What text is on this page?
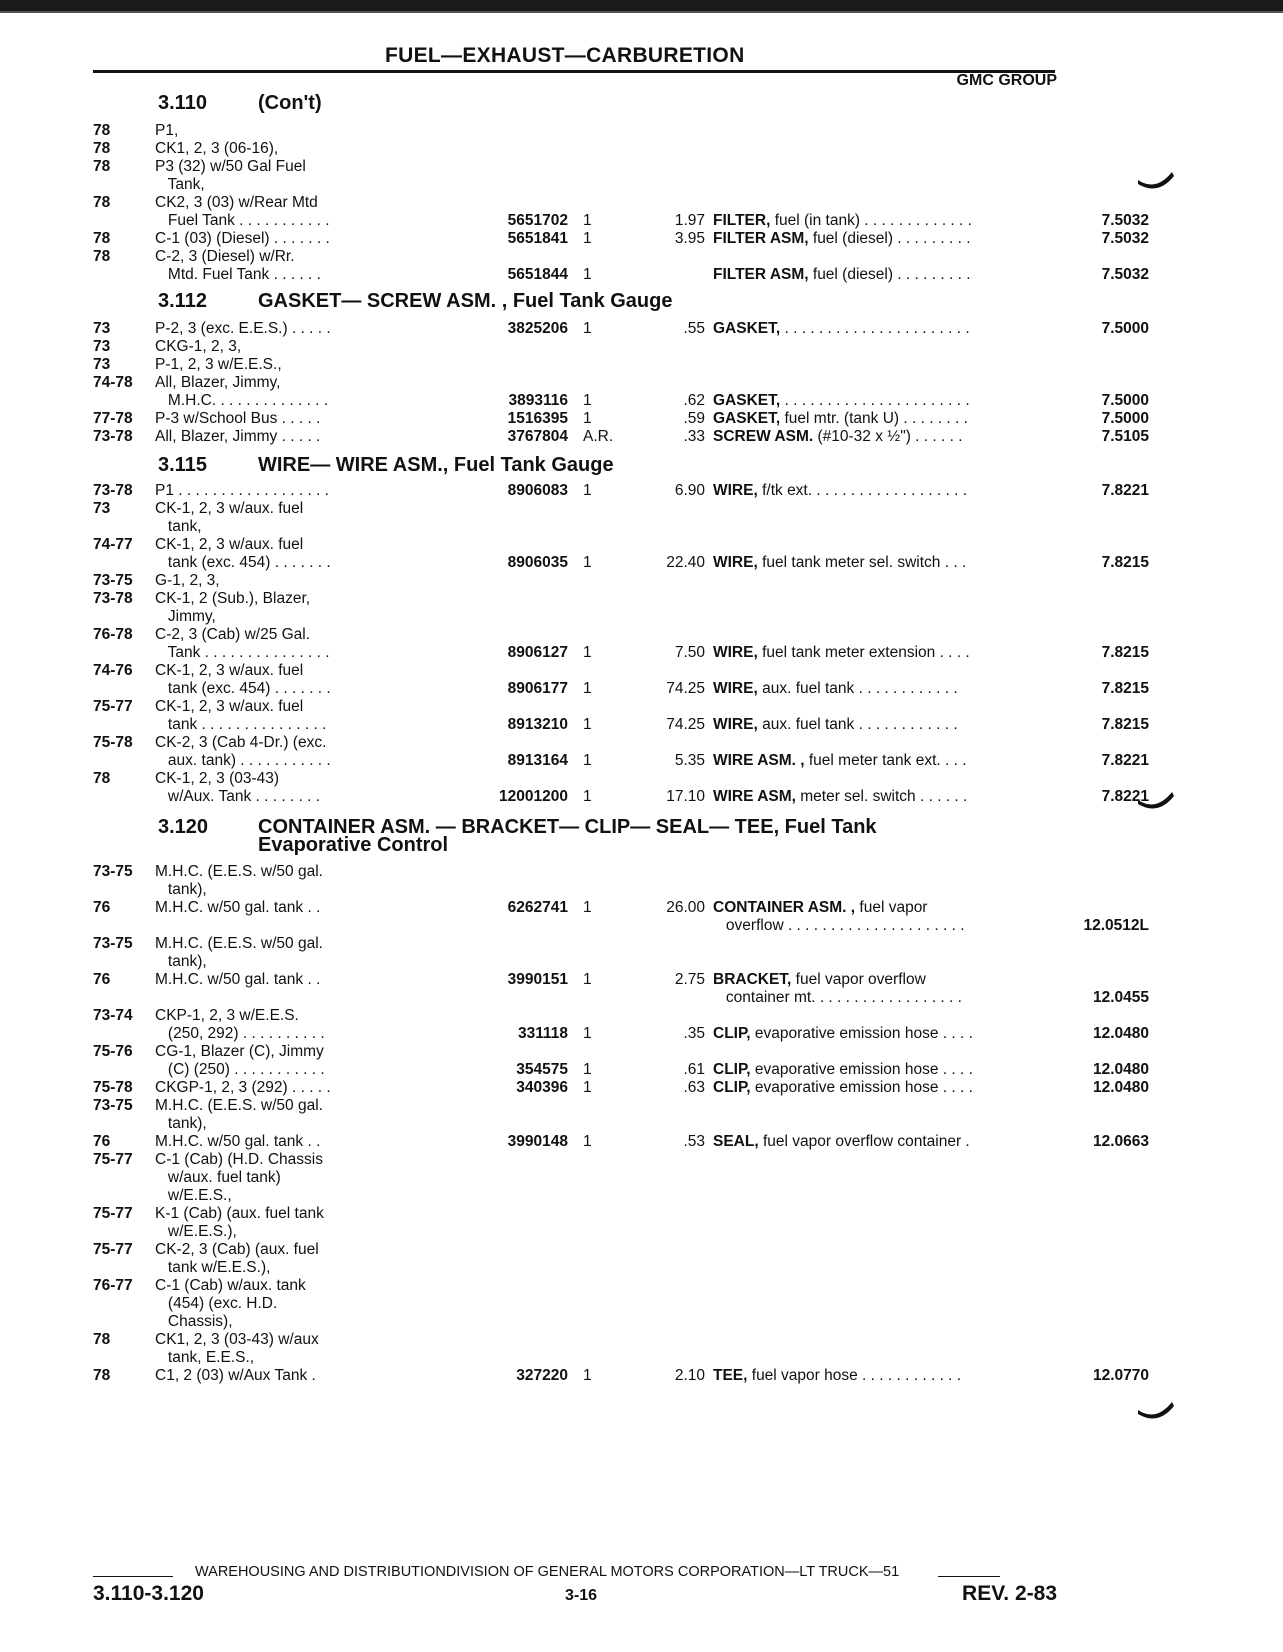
FUEL—EXHAUST—CARBURETION
GMC GROUP
3.110	(Con't)
3.112	GASKET— SCREW ASM. , Fuel Tank Gauge
3.115	WIRE— WIRE ASM., Fuel Tank Gauge
3.120 CONTAINER ASM. — BRACKET— CLIP— SEAL— TEE, Fuel Tank
Evaporative Control
78	P1,
78	CK1, 2, 3 (06-16),
78	P3 (32) w/50 Gal Fuel
Tank,
78	CK2, 3 (03) w/Rear Mtd
Fuel Tank . . . . . . . . . . .	5651702 1	1.97 FILTER, fuel (in tank) . . . . . . . . . . . . .	7.5032
78	C-1 (03) (Diesel) . . . . . . .	5651841 1	3.95 FILTER ASM, fuel (diesel) . . . . . . . . .	7.5032
78	C-2, 3 (Diesel) w/Rr.
Mtd. Fuel Tank . . . . . .	5651844 1	FILTER ASM, fuel (diesel) . . . . . . . . .	7.5032
73	P-2, 3 (exc. E.E.S.) . . . . .	3825206 1	.55 GASKET, . . . . . . . . . . . . . . . . . . . . . .	7.5000
73	CKG-1, 2, 3,
73	P-1, 2, 3 w/E.E.S.,
74-78	All, Blazer, Jimmy,
M.H.C. . . . . . . . . . . . . .	3893116 1	.62 GASKET, . . . . . . . . . . . . . . . . . . . . . .	7.5000
77-78	P-3 w/School Bus . . . . .	1516395 1	.59 GASKET, fuel mtr. (tank U) . . . . . . . .	7.5000
73-78	All, Blazer, Jimmy . . . . .	3767804 A.R.	.33 SCREW ASM. (#10-32 x ½") . . . . . .	7.5105
73-78	P1 . . . . . . . . . . . . . . . . . .	8906083 1	6.90 WIRE, f/tk ext. . . . . . . . . . . . . . . . . . .	7.8221
73	CK-1, 2, 3 w/aux. fuel
tank,
74-77	CK-1, 2, 3 w/aux. fuel
tank (exc. 454) . . . . . . .	8906035 1	22.40 WIRE, fuel tank meter sel. switch . . .	7.8215
73-75	G-1, 2, 3,
73-78	CK-1, 2 (Sub.), Blazer,
Jimmy,
76-78	C-2, 3 (Cab) w/25 Gal.
Tank . . . . . . . . . . . . . . .	8906127 1	7.50 WIRE, fuel tank meter extension . . . .	7.8215
74-76	CK-1, 2, 3 w/aux. fuel
tank (exc. 454) . . . . . . .	8906177 1	74.25 WIRE, aux. fuel tank . . . . . . . . . . . .	7.8215
75-77	CK-1, 2, 3 w/aux. fuel
tank . . . . . . . . . . . . . . .	8913210 1	74.25 WIRE, aux. fuel tank . . . . . . . . . . . .	7.8215
75-78	CK-2, 3 (Cab 4-Dr.) (exc.
aux. tank) . . . . . . . . . . .	8913164 1	5.35 WIRE ASM. , fuel meter tank ext. . . .	7.8221
78	CK-1, 2, 3 (03-43)
w/Aux. Tank . . . . . . . .	12001200 1	17.10 WIRE ASM, meter sel. switch . . . . . .	7.8221
73-75	M.H.C. (E.E.S. w/50 gal.
tank),
76	M.H.C. w/50 gal. tank . .	6262741 1	26.00 CONTAINER ASM. , fuel vapor
overflow . . . . . . . . . . . . . . . . . . . . .	12.0512L
73-75	M.H.C. (E.E.S. w/50 gal.
tank),
76	M.H.C. w/50 gal. tank . .	3990151 1	2.75 BRACKET, fuel vapor overflow
container mt. . . . . . . . . . . . . . . . . .	12.0455
73-74	CKP-1, 2, 3 w/E.E.S.
(250, 292) . . . . . . . . . .	331118 1	.35 CLIP, evaporative emission hose . . . .	12.0480
75-76	CG-1, Blazer (C), Jimmy
(C) (250) . . . . . . . . . . .	354575 1	.61 CLIP, evaporative emission hose . . . .	12.0480
75-78	CKGP-1, 2, 3 (292) . . . . .	340396 1	.63 CLIP, evaporative emission hose . . . .	12.0480
73-75	M.H.C. (E.E.S. w/50 gal.
tank),
76	M.H.C. w/50 gal. tank . .	3990148 1	.53 SEAL, fuel vapor overflow container .	12.0663
75-77	C-1 (Cab) (H.D. Chassis
w/aux. fuel tank)
w/E.E.S.,
75-77	K-1 (Cab) (aux. fuel tank
w/E.E.S.),
75-77	CK-2, 3 (Cab) (aux. fuel
tank w/E.E.S.),
76-77	C-1 (Cab) w/aux. tank
(454) (exc. H.D.
Chassis),
78	CK1, 2, 3 (03-43) w/aux
tank, E.E.S.,
78	C1, 2 (03) w/Aux Tank .	327220 1	2.10 TEE, fuel vapor hose . . . . . . . . . . . .	12.0770
WAREHOUSING AND DISTRIBUTIONDIVISION OF GENERAL MOTORS CORPORATION—LT TRUCK—51
3.110-3.120	3-16	REV. 2-83
